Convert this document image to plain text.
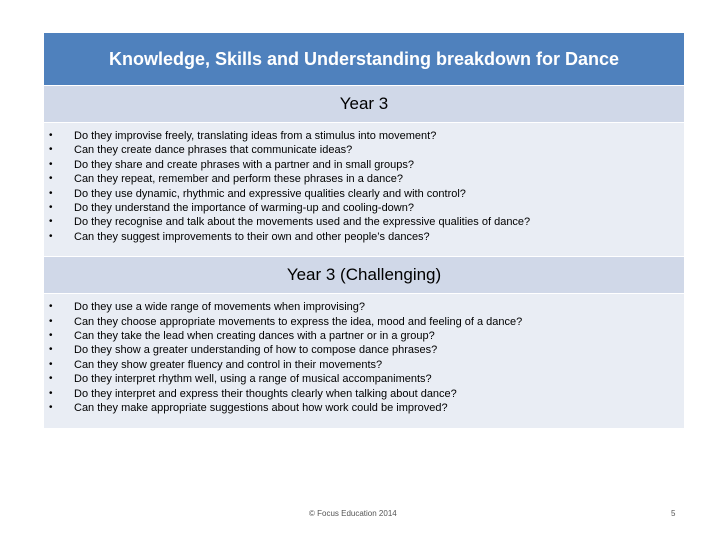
Knowledge, Skills and Understanding breakdown for Dance
Year 3
• Do they improvise freely, translating ideas from a stimulus into movement?
• Can they create dance phrases that communicate ideas?
• Do they share and create phrases with a partner and in small groups?
• Can they repeat, remember and perform these phrases in a dance?
• Do they use dynamic, rhythmic and expressive qualities clearly and with control?
• Do they understand the importance of warming-up and cooling-down?
• Do they recognise and talk about the movements used and the expressive qualities of dance?
• Can they suggest improvements to their own and other people’s dances?
Year 3 (Challenging)
• Do they use a wide range of movements when improvising?
• Can they choose appropriate movements to express the idea, mood and feeling of a dance?
• Can they take the lead when creating dances with a partner or in a group?
• Do they show a greater understanding of how to compose dance phrases?
• Can they show greater fluency and control in their movements?
• Do they interpret rhythm well, using a range of musical accompaniments?
• Do they interpret and express their thoughts clearly when talking about dance?
• Can they make appropriate suggestions about how work could be improved?
© Focus Education 2014	5
